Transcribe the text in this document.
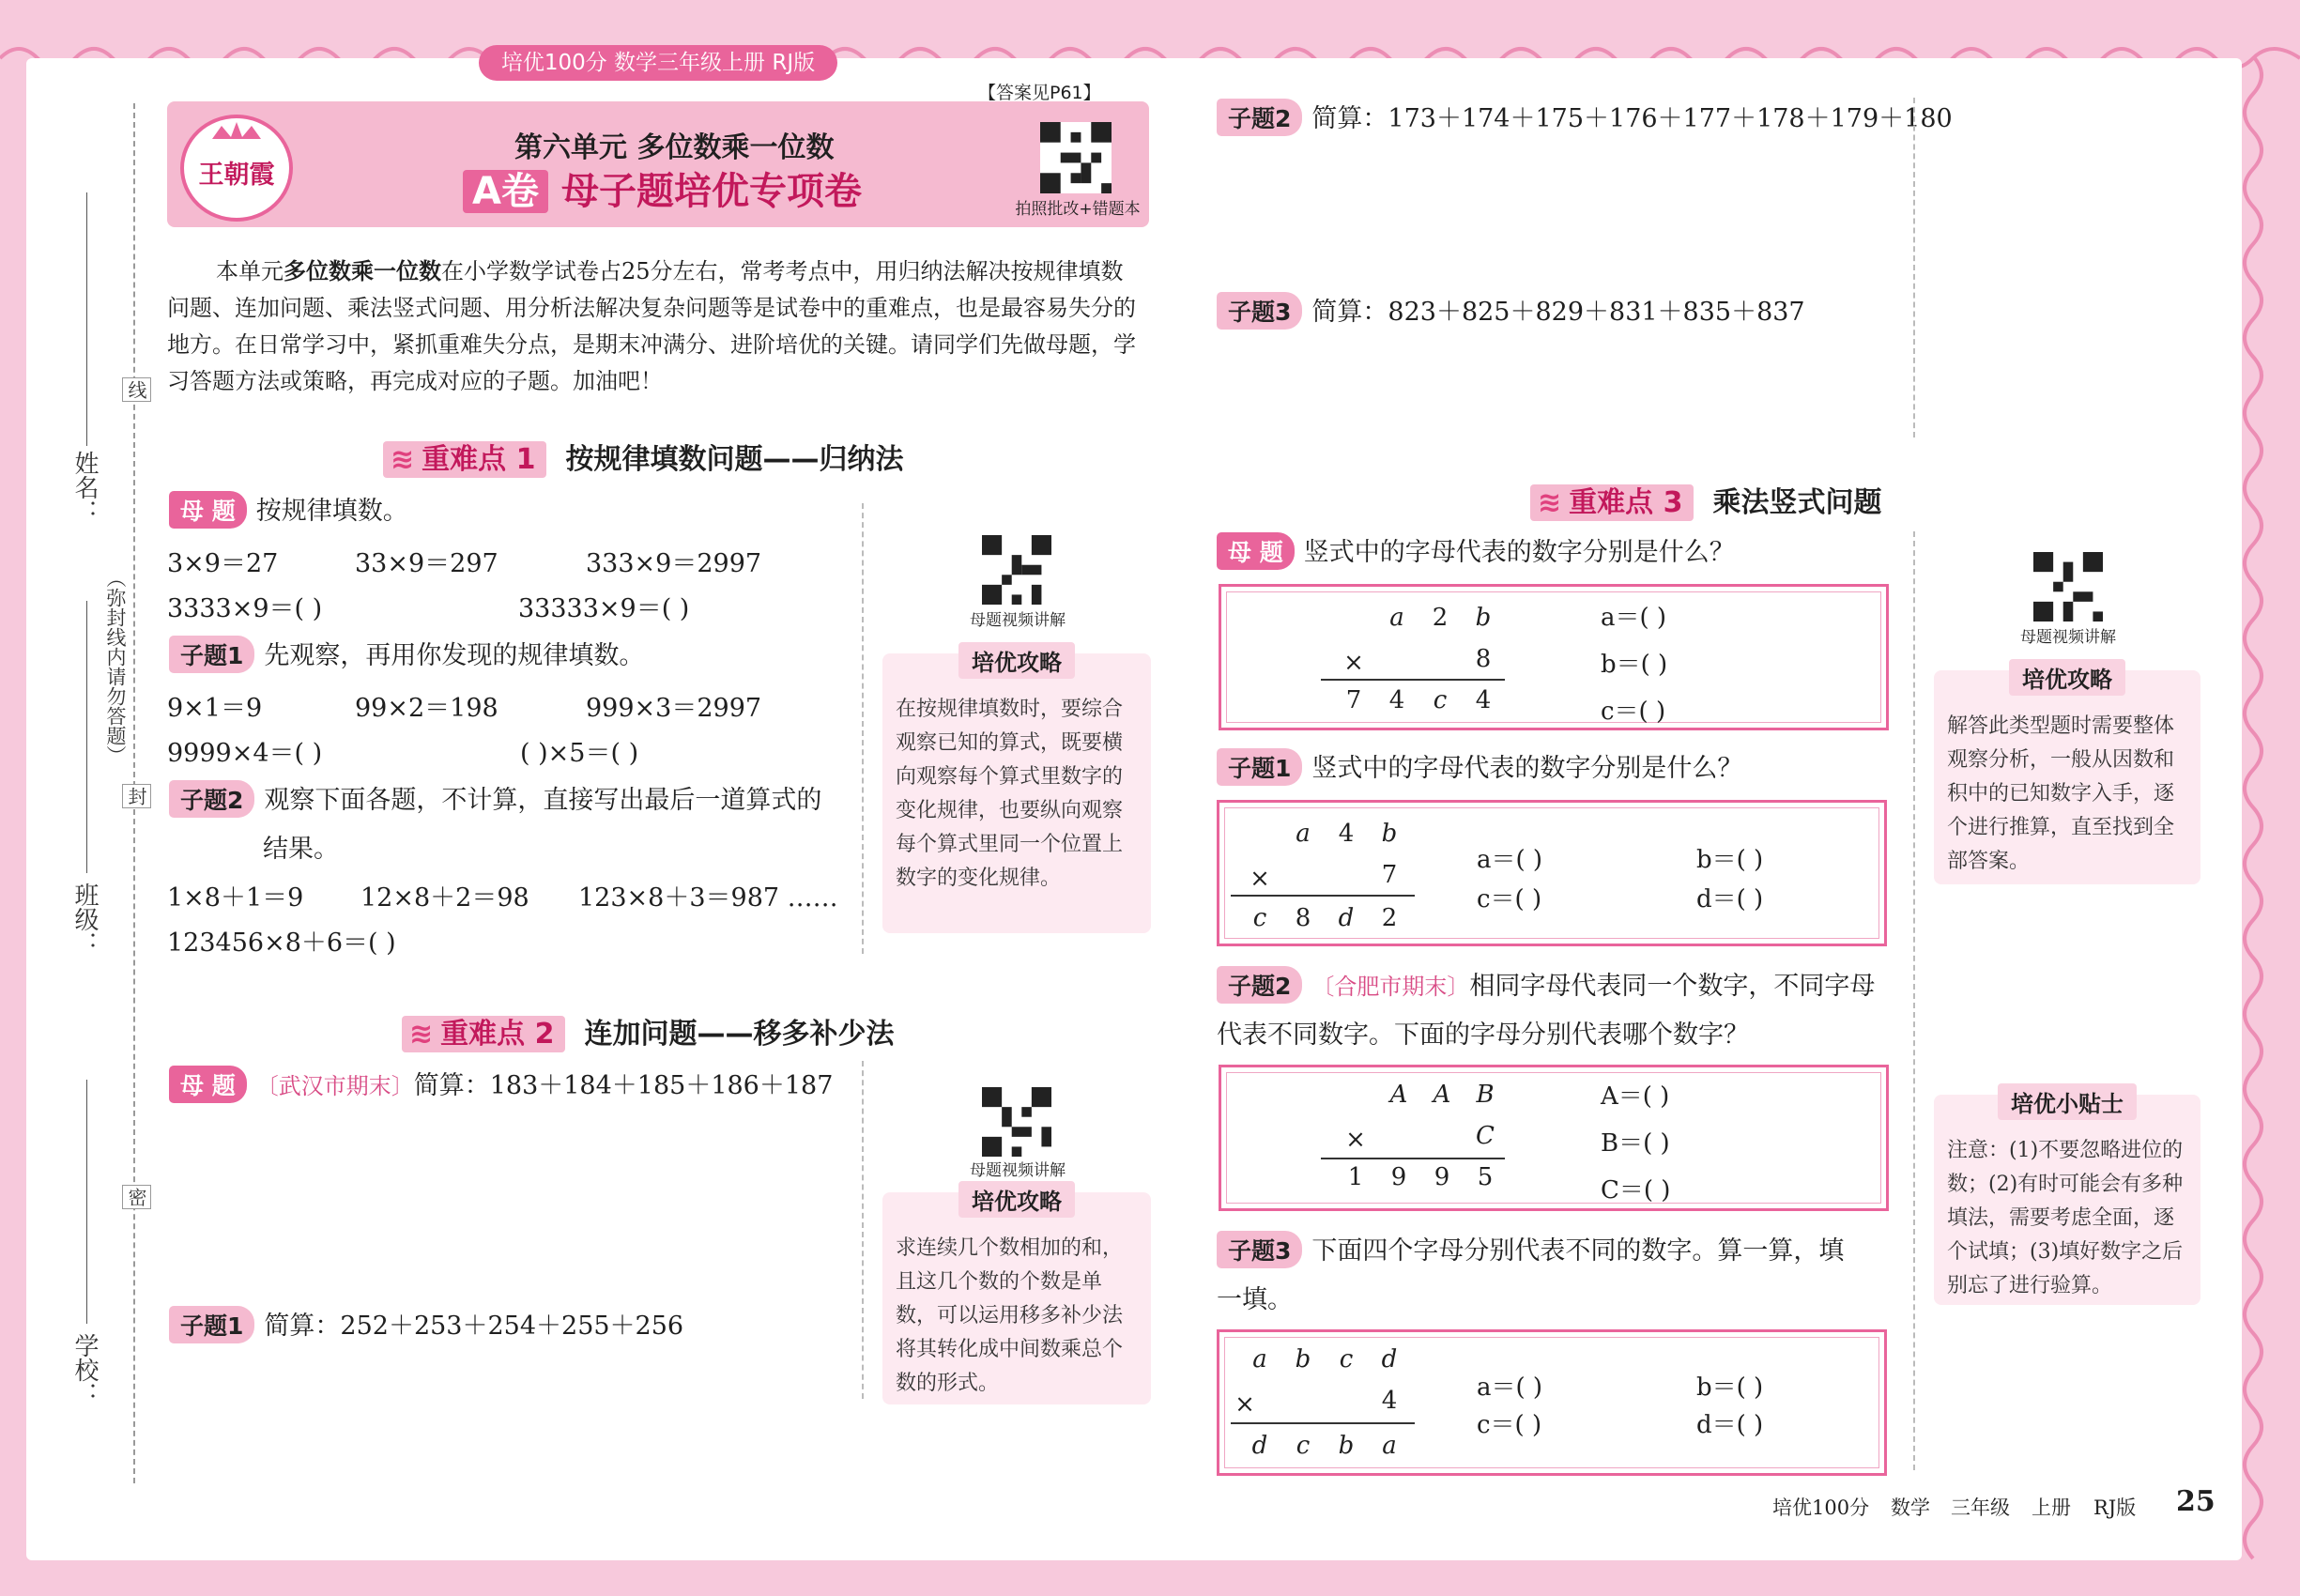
培优100分 数学三年级上册 RJ版
姓名：
班级：
学校：
线
（弥封线内请勿答题）
封
密
王朝霞
第六单元 多位数乘一位数
A卷 母子题培优专项卷
【答案见P61】
拍照批改+错题本
本单元多位数乘一位数在小学数学试卷占25分左右，常考考点中，用归纳法解决按规律填数
问题、连加问题、乘法竖式问题、用分析法解决复杂问题等是试卷中的重难点，也是最容易失分的
地方。在日常学习中，紧抓重难失分点，是期末冲满分、进阶培优的关键。请同学们先做母题，学
习答题方法或策略，再完成对应的子题。加油吧！
≋ 重难点 1 按规律填数问题——归纳法
母 题 按规律填数。
3×9＝27	33×9＝297	333×9＝2997
3333×9＝( )	33333×9＝( )
子题1 先观察，再用你发现的规律填数。
9×1＝9	99×2＝198	999×3＝2997
9999×4＝( )	( )×5＝( )
子题2 观察下面各题，不计算，直接写出最后一道算式的
结果。
1×8＋1＝9 12×8＋2＝98 123×8＋3＝987 ……
123456×8＋6＝( )
母题视频讲解
培优攻略
在按规律填数时，要综合观察已知的算式，既要横向观察每个算式里数字的变化规律，也要纵向观察每个算式里同一个位置上数字的变化规律。
≋ 重难点 2 连加问题——移多补少法
母 题 〔武汉市期末〕简算：183＋184＋185＋186＋187
子题1 简算：252＋253＋254＋255＋256
母题视频讲解
培优攻略
求连续几个数相加的和，且这几个数的个数是单数，可以运用移多补少法将其转化成中间数乘总个数的形式。
子题2 简算：173＋174＋175＋176＋177＋178＋179＋180
子题3 简算：823＋825＋829＋831＋835＋837
≋ 重难点 3 乘法竖式问题
母 题 竖式中的字母代表的数字分别是什么？
a 2 b
×	8
7 4 c 4
a＝( )
b＝( )
c＝( )
子题1 竖式中的字母代表的数字分别是什么？
a 4 b
×	7
c 8 d 2
a＝( )	b＝( )
c＝( )	d＝( )
子题2 〔合肥市期末〕相同字母代表同一个数字，不同字母
代表不同数字。下面的字母分别代表哪个数字？
A A B
×	C
1 9 9 5
A＝( )
B＝( )
C＝( )
子题3 下面四个字母分别代表不同的数字。算一算，填
一填。
a b c d
×	4
d c b a
a＝( )	b＝( )
c＝( )	d＝( )
母题视频讲解
培优攻略
解答此类型题时需要整体观察分析，一般从因数和积中的已知数字入手，逐个进行推算，直至找到全部答案。
培优小贴士
注意：(1)不要忽略进位的数；(2)有时可能会有多种填法，需要考虑全面，逐个试填；(3)填好数字之后别忘了进行验算。
培优100分 数学 三年级 上册 RJ版 25
